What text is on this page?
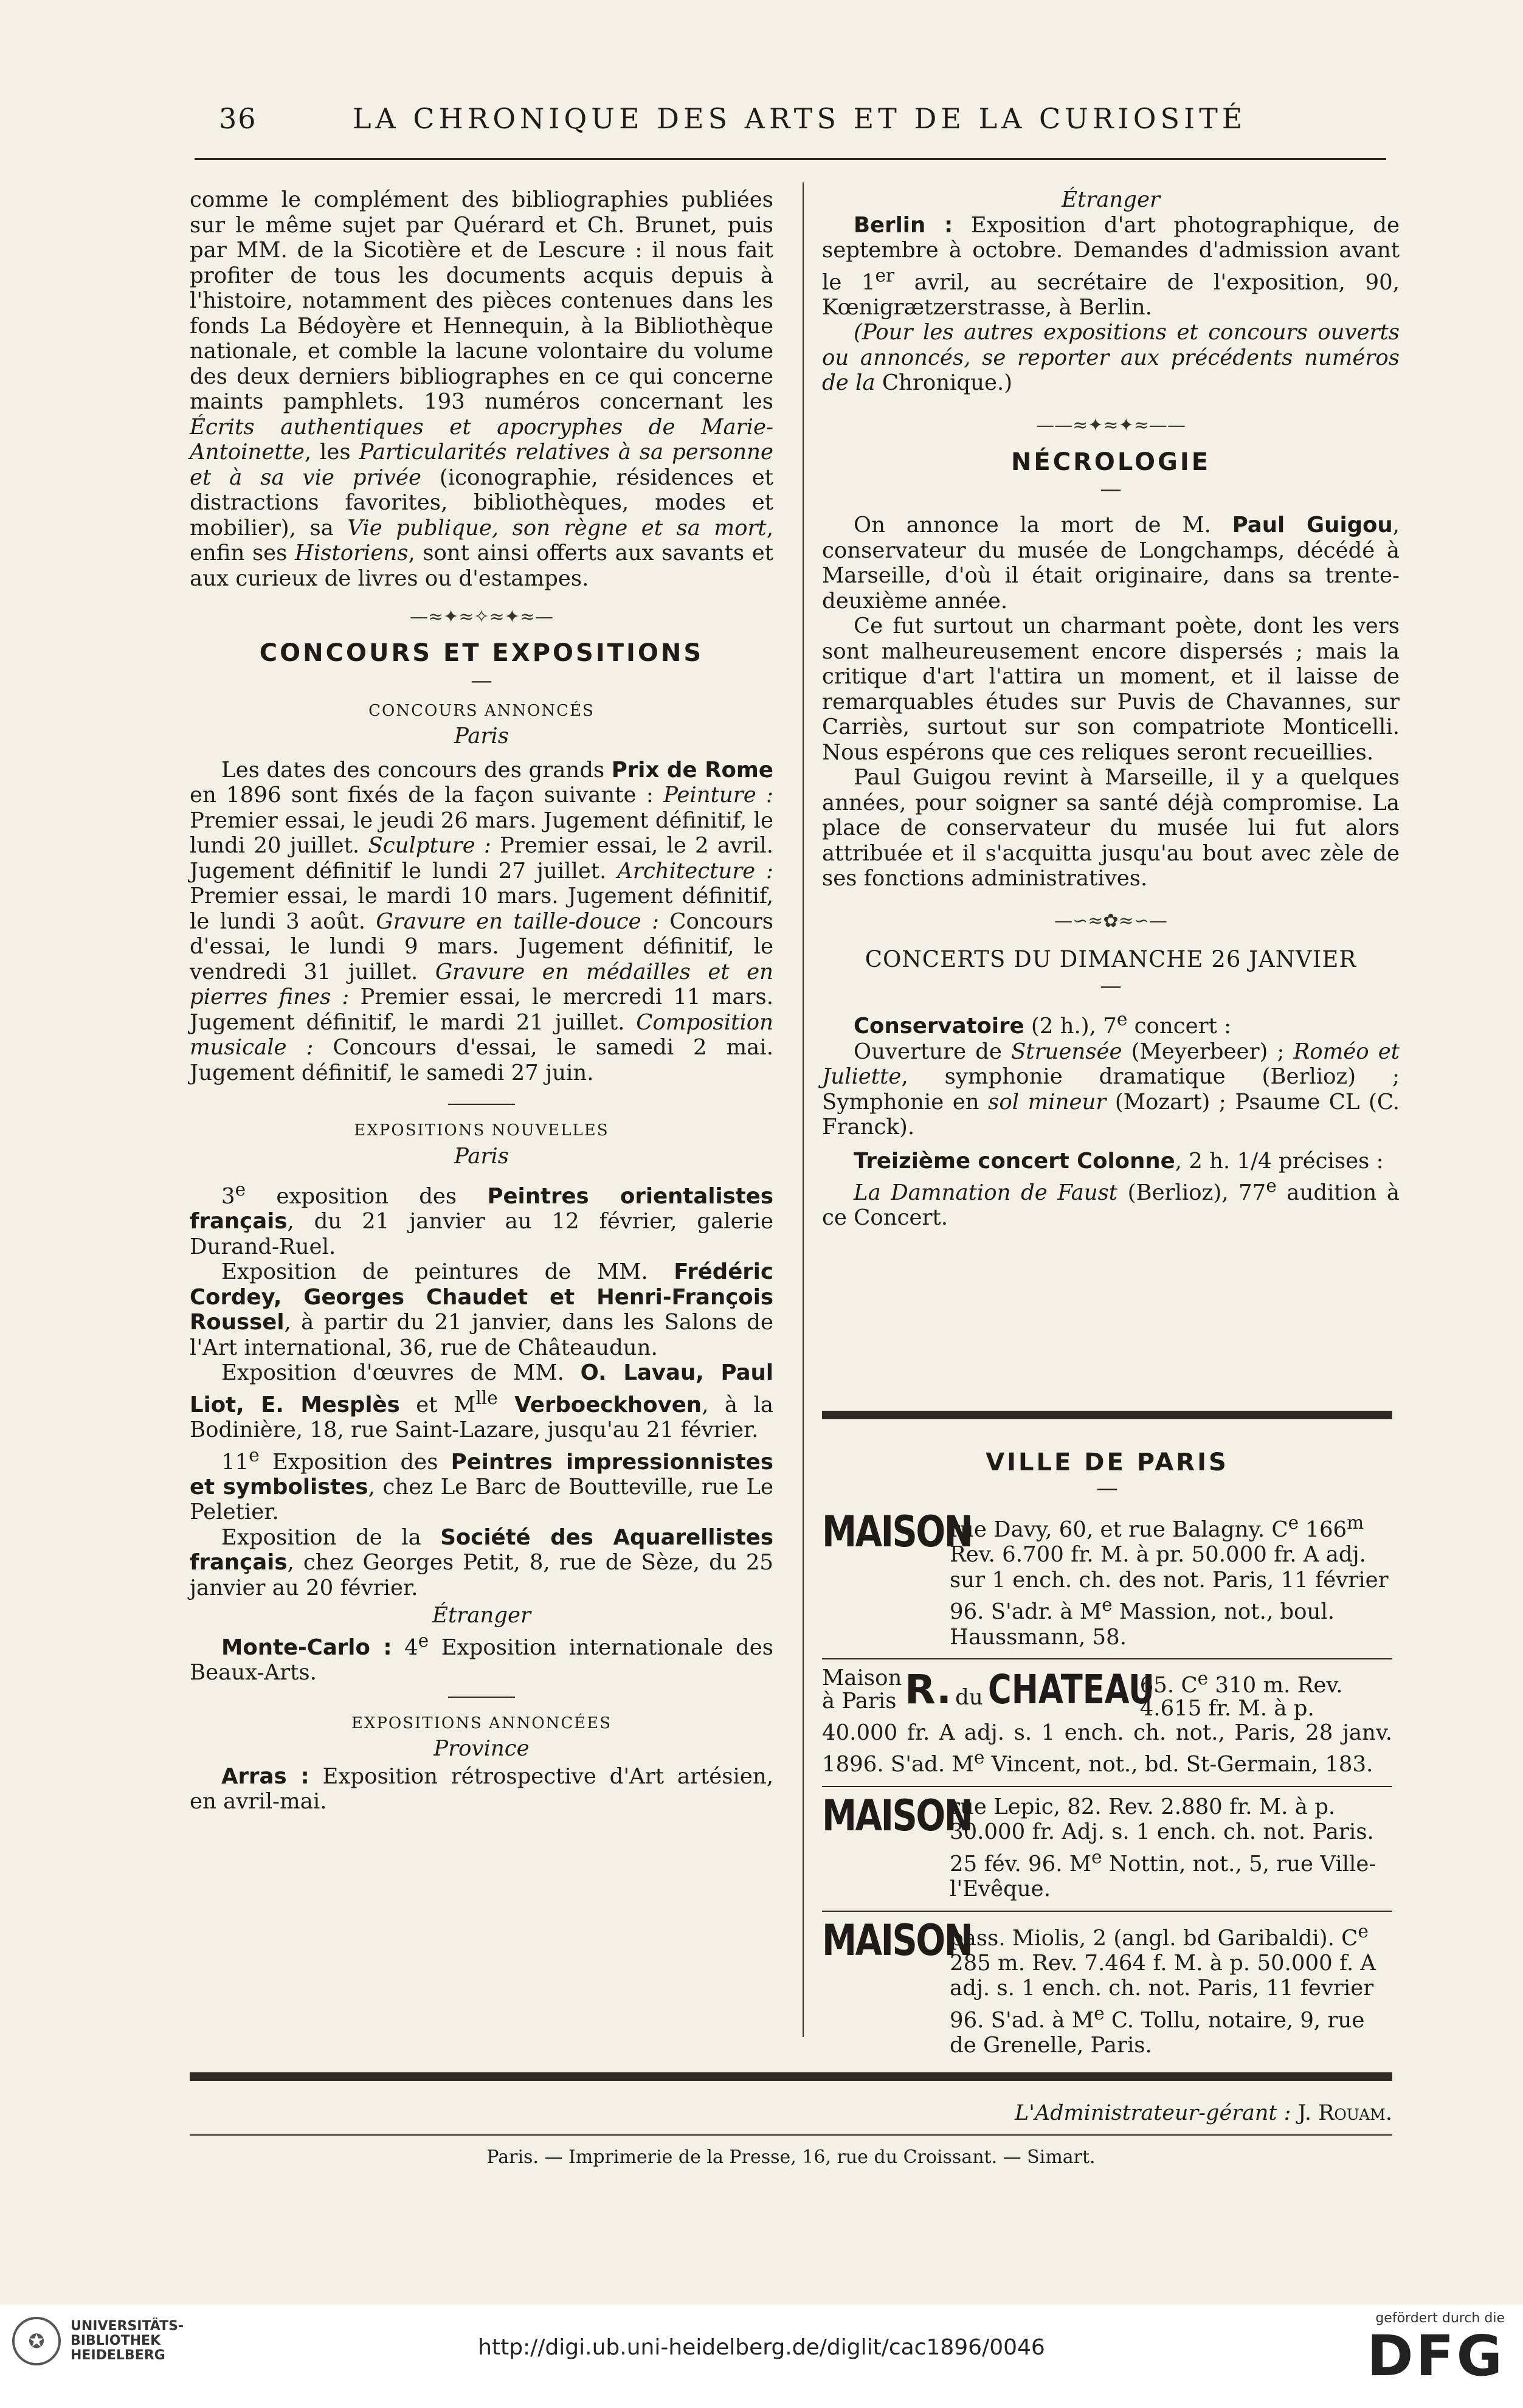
36	LA CHRONIQUE DES ARTS ET DE LA CURIOSITÉ

comme le complément des bibliographies publiées sur le même sujet par Quérard et Ch. Brunet, puis par MM. de la Sicotière et de Lescure : il nous fait profiter de tous les documents acquis depuis à l'histoire, notamment des pièces contenues dans les fonds La Bédoyère et Hennequin, à la Bibliothèque nationale, et comble la lacune volontaire du volume des deux derniers bibliographes en ce qui concerne maints pamphlets. 193 numéros concernant les Écrits authentiques et apocryphes de Marie-Antoinette, les Particularités relatives à sa personne et à sa vie privée (iconographie, résidences et distractions favorites, bibliothèques, modes et mobilier), sa Vie publique, son règne et sa mort, enfin ses Historiens, sont ainsi offerts aux savants et aux curieux de livres ou d'estampes.

—≈✦≈✧≈✦≈—
CONCOURS ET EXPOSITIONS
—
CONCOURS ANNONCÉS
Paris

Les dates des concours des grands Prix de Rome en 1896 sont fixés de la façon suivante : Peinture : Premier essai, le jeudi 26 mars. Jugement définitif, le lundi 20 juillet. Sculpture : Premier essai, le 2 avril. Jugement définitif le lundi 27 juillet. Architecture : Premier essai, le mardi 10 mars. Jugement définitif, le lundi 3 août. Gravure en taille-douce : Concours d'essai, le lundi 9 mars. Jugement définitif, le vendredi 31 juillet. Gravure en médailles et en pierres fines : Premier essai, le mercredi 11 mars. Jugement définitif, le mardi 21 juillet. Composition musicale : Concours d'essai, le samedi 2 mai. Jugement définitif, le samedi 27 juin.

EXPOSITIONS NOUVELLES
Paris

3e exposition des Peintres orientalistes français, du 21 janvier au 12 février, galerie Durand-Ruel.

Exposition de peintures de MM. Frédéric Cordey, Georges Chaudet et Henri-François Roussel, à partir du 21 janvier, dans les Salons de l'Art international, 36, rue de Châteaudun.

Exposition d'œuvres de MM. O. Lavau, Paul Liot, E. Mesplès et $M^{lle}$ Verboeckhoven, à la Bodinière, 18, rue Saint-Lazare, jusqu'au 21 février.

11e Exposition des Peintres impressionnistes et symbolistes, chez Le Barc de Boutteville, rue Le Peletier.

Exposition de la Société des Aquarellistes français, chez Georges Petit, 8, rue de Sèze, du 25 janvier au 20 février.

Étranger

Monte-Carlo : 4e Exposition internationale des Beaux-Arts.

EXPOSITIONS ANNONCÉES
Province

Arras : Exposition rétrospective d'Art artésien, en avril-mai.

Étranger

Berlin : Exposition d'art photographique, de septembre à octobre. Demandes d'admission avant le 1er avril, au secrétaire de l'exposition, 90, Kœnigrætzerstrasse, à Berlin.

(Pour les autres expositions et concours ouverts ou annoncés, se reporter aux précédents numéros de la Chronique.)

——≈✦≈✦≈——
NÉCROLOGIE
—

On annonce la mort de M. Paul Guigou, conservateur du musée de Longchamps, décédé à Marseille, d'où il était originaire, dans sa trente-deuxième année.

Ce fut surtout un charmant poète, dont les vers sont malheureusement encore dispersés ; mais la critique d'art l'attira un moment, et il laisse de remarquables études sur Puvis de Chavannes, sur Carriès, surtout sur son compatriote Monticelli. Nous espérons que ces reliques seront recueillies.

Paul Guigou revint à Marseille, il y a quelques années, pour soigner sa santé déjà compromise. La place de conservateur du musée lui fut alors attribuée et il s'acquitta jusqu'au bout avec zèle de ses fonctions administratives.

—∽≈✿≈∽—
CONCERTS DU DIMANCHE 26 JANVIER
—

Conservatoire (2 h.), 7e concert :

Ouverture de Struensée (Meyerbeer) ; Roméo et Juliette, symphonie dramatique (Berlioz) ; Symphonie en sol mineur (Mozart) ; Psaume CL (C. Franck).

Treizième concert Colonne, 2 h. 1/4 précises :

La Damnation de Faust (Berlioz), 77e audition à ce Concert.

VILLE DE PARIS
—
MAISON
rue Davy, 60, et rue Balagny. Ce 166$^m$ Rev. 6.700 fr. M. à pr. 50.000 fr. A adj. sur 1 ench. ch. des not. Paris, 11 février 96. S'adr. à Me Massion, not., boul. Haussmann, 58.
Maison
à Paris R. du CHATEAU
65. Ce 310 m. Rev. 4.615 fr. M. à p.

40.000 fr. A adj. s. 1 ench. ch. not., Paris, 28 janv. 1896. S'ad. Me Vincent, not., bd. St-Germain, 183.

MAISON
rue Lepic, 82. Rev. 2.880 fr. M. à p. 30.000 fr. Adj. s. 1 ench. ch. not. Paris. 25 fév. 96. Me Nottin, not., 5, rue Ville-l'Evêque.
MAISON
pass. Miolis, 2 (angl. bd Garibaldi). Ce 285 m. Rev. 7.464 f. M. à p. 50.000 f. A adj. s. 1 ench. ch. not. Paris, 11 fevrier 96. S'ad. à Me C. Tollu, notaire, 9, rue de Grenelle, Paris.
L'Administrateur-gérant : J. Rouam.
Paris. — Imprimerie de la Presse, 16, rue du Croissant. — Simart.
✪
UNIVERSITÄTS-
BIBLIOTHEK
HEIDELBERG	http://digi.ub.uni-heidelberg.de/diglit/cac1896/0046
gefördert durch die
DFG
